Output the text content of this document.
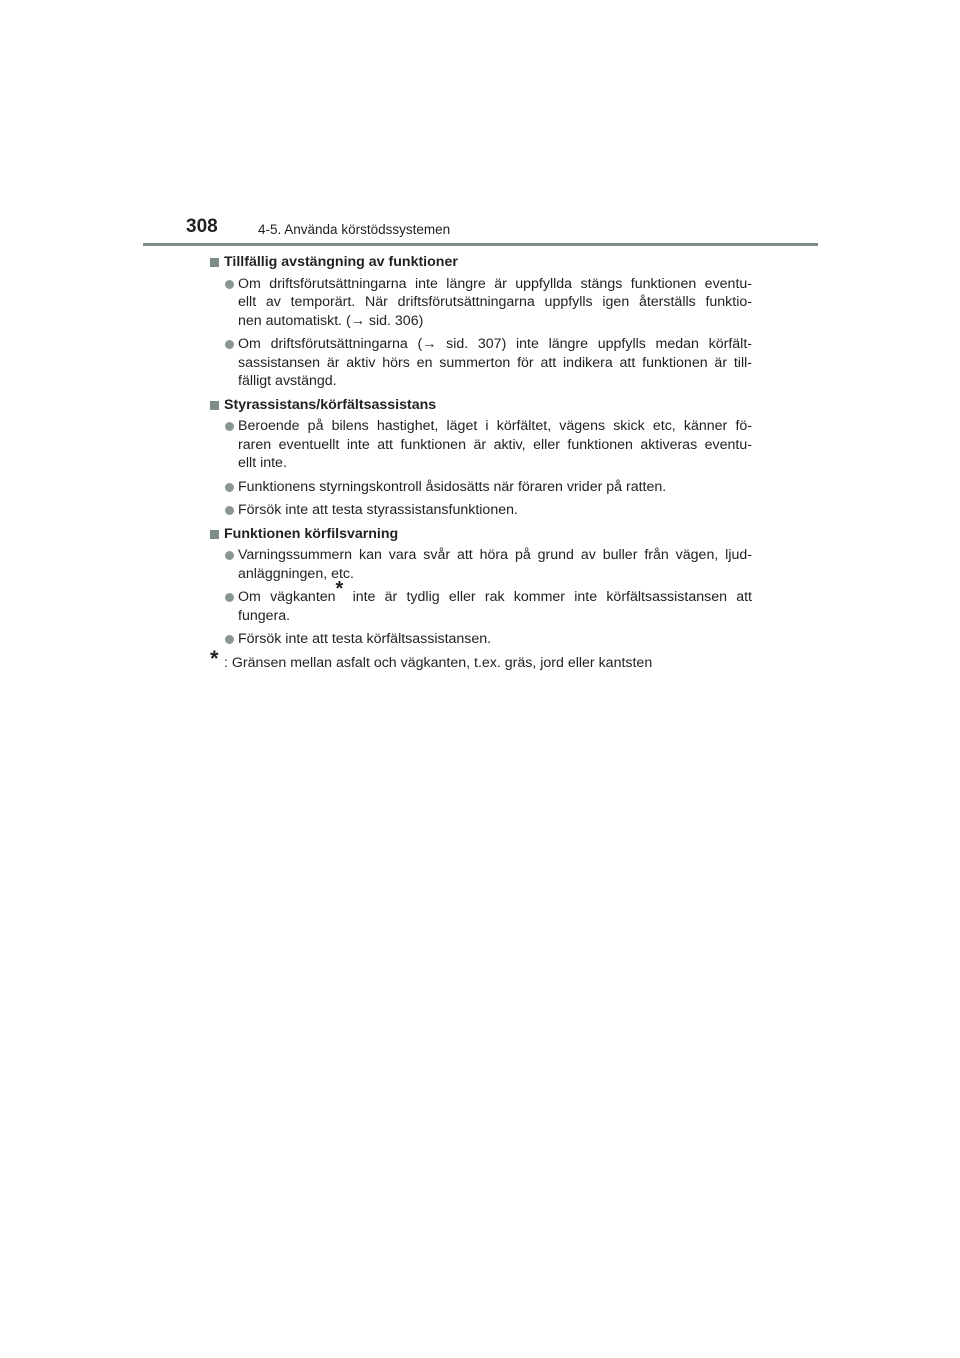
308	4-5. Använda körstödssystemen
Tillfällig avstängning av funktioner
Om driftsförutsättningarna inte längre är uppfyllda stängs funktionen eventu-
ellt av temporärt. När driftsförutsättningarna uppfylls igen återställs funktio-
nen automatiskt. (→ sid. 306)
Om driftsförutsättningarna (→ sid. 307) inte längre uppfylls medan körfält-
sassistansen är aktiv hörs en summerton för att indikera att funktionen är till-
fälligt avstängd.
Styrassistans/körfältsassistans
Beroende på bilens hastighet, läget i körfältet, vägens skick etc, känner fö-
raren eventuellt inte att funktionen är aktiv, eller funktionen aktiveras eventu-
ellt inte.
Funktionens styrningskontroll åsidosätts när föraren vrider på ratten.
Försök inte att testa styrassistansfunktionen.
Funktionen körfilsvarning
Varningssummern kan vara svår att höra på grund av buller från vägen, ljud-
anläggningen, etc.
Om vägkanten* inte är tydlig eller rak kommer inte körfältsassistansen att
fungera.
Försök inte att testa körfältsassistansen.
* : Gränsen mellan asfalt och vägkanten, t.ex. gräs, jord eller kantsten
